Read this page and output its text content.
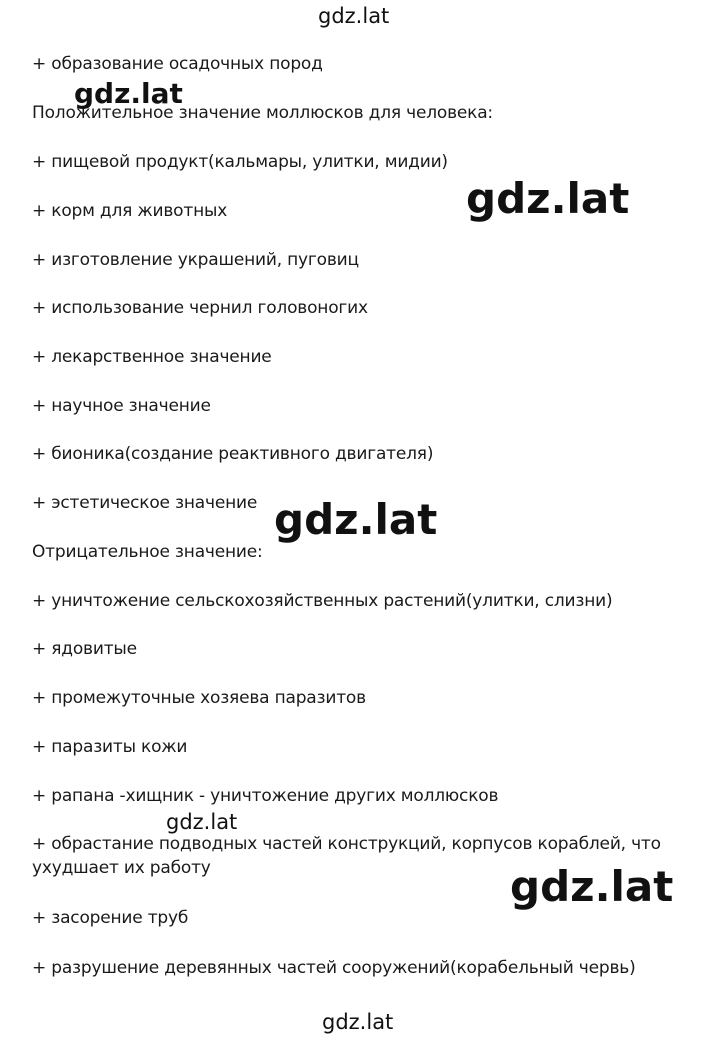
gdz.lat
+ образование осадочных пород
gdz.lat
Положительное значение моллюсков для человека:
+ пищевой продукт(кальмары, улитки, мидии)
gdz.lat
+ корм для животных
+ изготовление украшений, пуговиц
+ использование чернил головоногих
+ лекарственное значение
+ научное значение
+ бионика(создание реактивного двигателя)
+ эстетическое значение gdz.lat
Отрицательное значение:
+ уничтожение сельскохозяйственных растений(улитки, слизни)
+ ядовитые
+ промежуточные хозяева паразитов
+ паразиты кожи
+ рапана -хищник - уничтожение других моллюсков
gdz.lat
+ обрастание подводных частей конструкций, корпусов кораблей, что ухудшает их работу	gdz.lat
+ засорение труб
+ разрушение деревянных частей сооружений(корабельный червь)
gdz.lat
